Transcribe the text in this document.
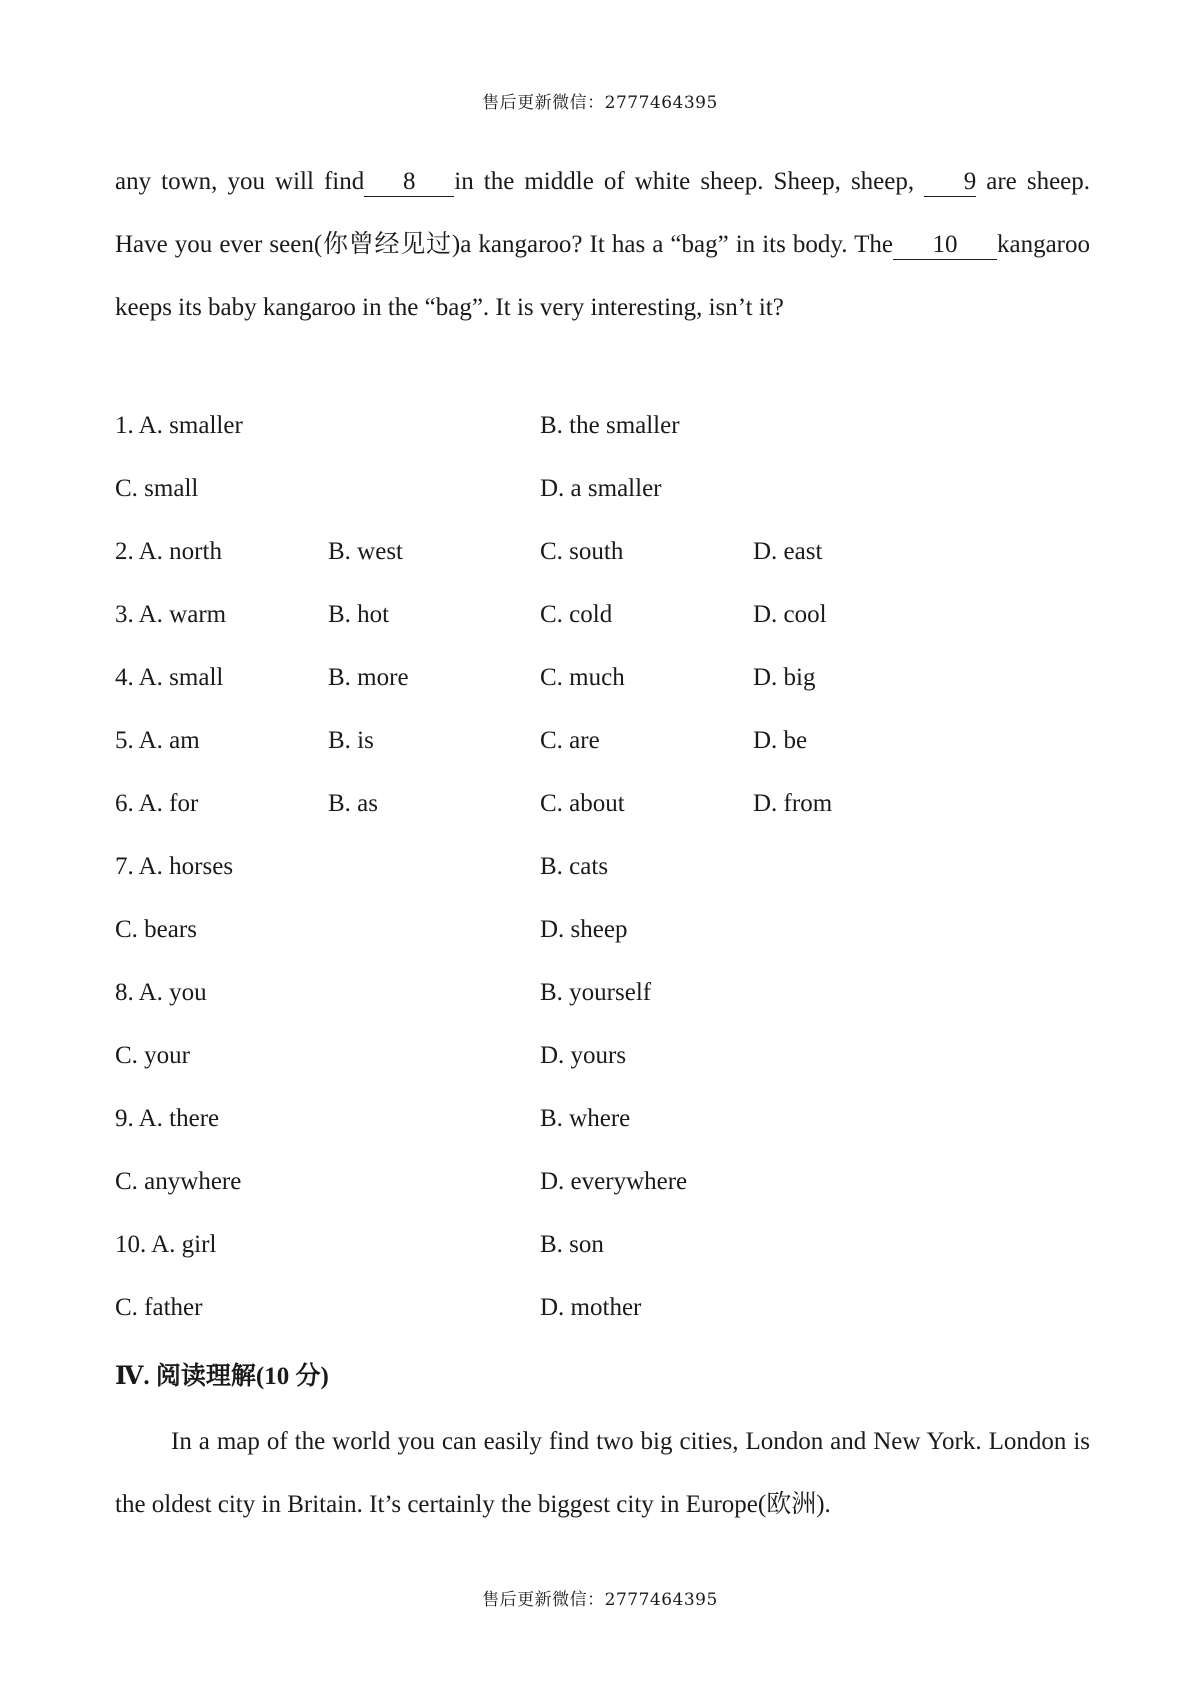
售后更新微信：2777464395

any town, you will find 8 in the middle of white sheep. Sheep, sheep, 9 are sheep. Have you ever seen(你曾经见过)a kangaroo? It has a “bag” in its body. The 10 kangaroo keeps its baby kangaroo in the “bag”. It is very interesting, isn’t it?

1. A. smaller	B. the smaller
C. small	D. a smaller
2. A. north	B. west	C. south	D. east
3. A. warm	B. hot	C. cold	D. cool
4. A. small	B. more	C. much	D. big
5. A. am	B. is	C. are	D. be
6. A. for	B. as	C. about	D. from
7. A. horses	B. cats
C. bears	D. sheep
8. A. you	B. yourself
C. your	D. yours
9. A. there	B. where
C. anywhere	D. everywhere
10. A. girl	B. son
C. father	D. mother
Ⅳ. 阅读理解(10 分)

In a map of the world you can easily find two big cities, London and New York. London is the oldest city in Britain. It’s certainly the biggest city in Europe(欧洲).

售后更新微信：2777464395
